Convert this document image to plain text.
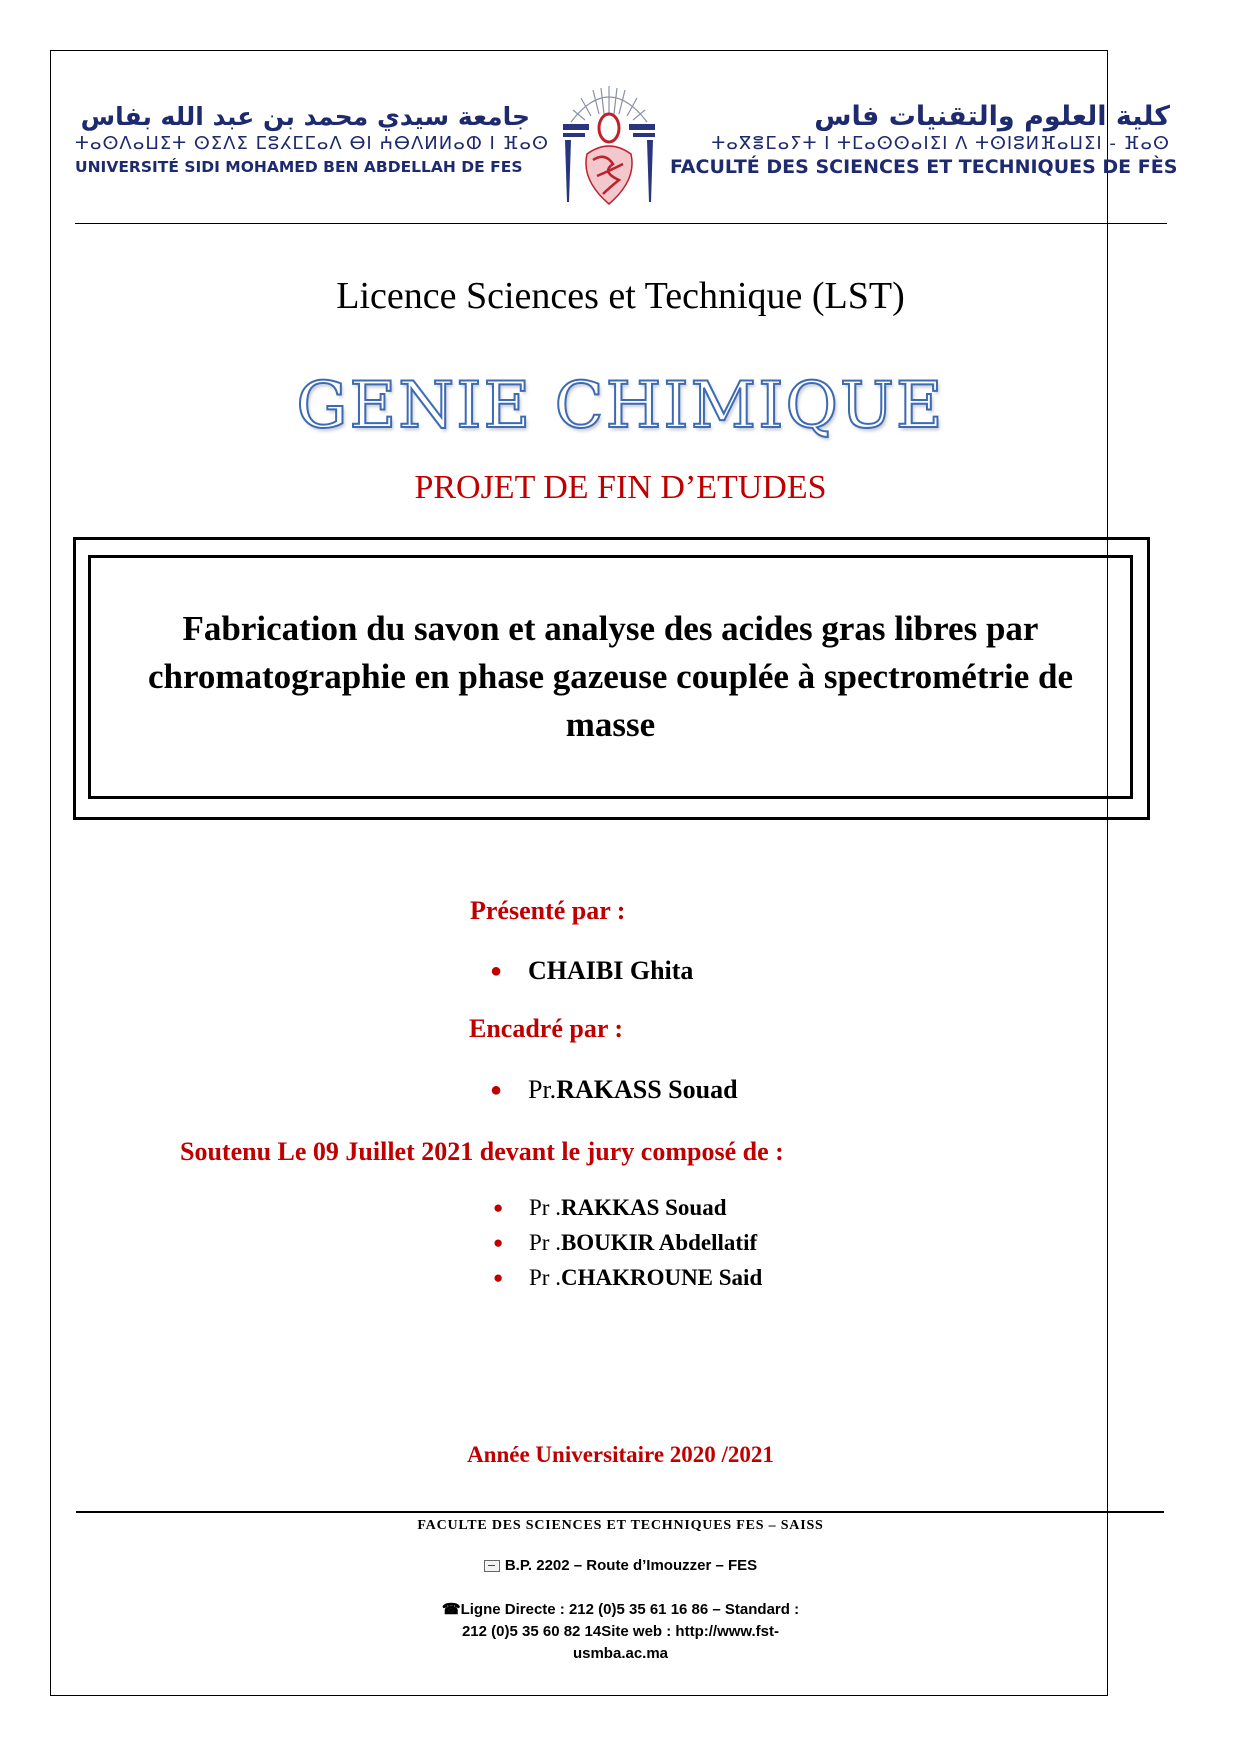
جامعة سيدي محمد بن عبد الله بفاس
ⵜⴰⵙⴷⴰⵡⵉⵜ ⵙⵉⴷⵉ ⵎⵓⵃⵎⵎⴰⴷ ⴱⵏ ⵄⴱⴷⵍⵍⴰⵀ ⵏ ⴼⴰⵙ
UNIVERSITÉ SIDI MOHAMED BEN ABDELLAH DE FES
كلية العلوم والتقنيات فاس
ⵜⴰⴳⴻⵎⴰⵢⵜ ⵏ ⵜⵎⴰⵙⵙⴰⵏⵉⵏ ⴷ ⵜⵙⵏⵓⵍⴼⴰⵡⵉⵏ - ⴼⴰⵙ
FACULTÉ DES SCIENCES ET TECHNIQUES DE FÈS
Licence Sciences et Technique (LST)
GENIE CHIMIQUE
PROJET DE FIN D’ETUDES
Fabrication du savon et analyse des acides gras libres par chromatographie en phase gazeuse couplée à spectrométrie de masse
Présenté par :
● CHAIBI Ghita
Encadré par :
● Pr. RAKASS Souad
Soutenu Le 09 Juillet 2021 devant le jury composé de :
●	Pr . RAKKAS Souad
●	Pr . BOUKIR Abdellatif
●	Pr . CHAKROUNE Said
Année Universitaire 2020 /2021
FACULTE DES SCIENCES ET TECHNIQUES FES – SAISS
B.P. 2202 – Route d’Imouzzer – FES
☎Ligne Directe : 212 (0)5 35 61 16 86 – Standard :
212 (0)5 35 60 82 14Site web : http://www.fst-
usmba.ac.ma
